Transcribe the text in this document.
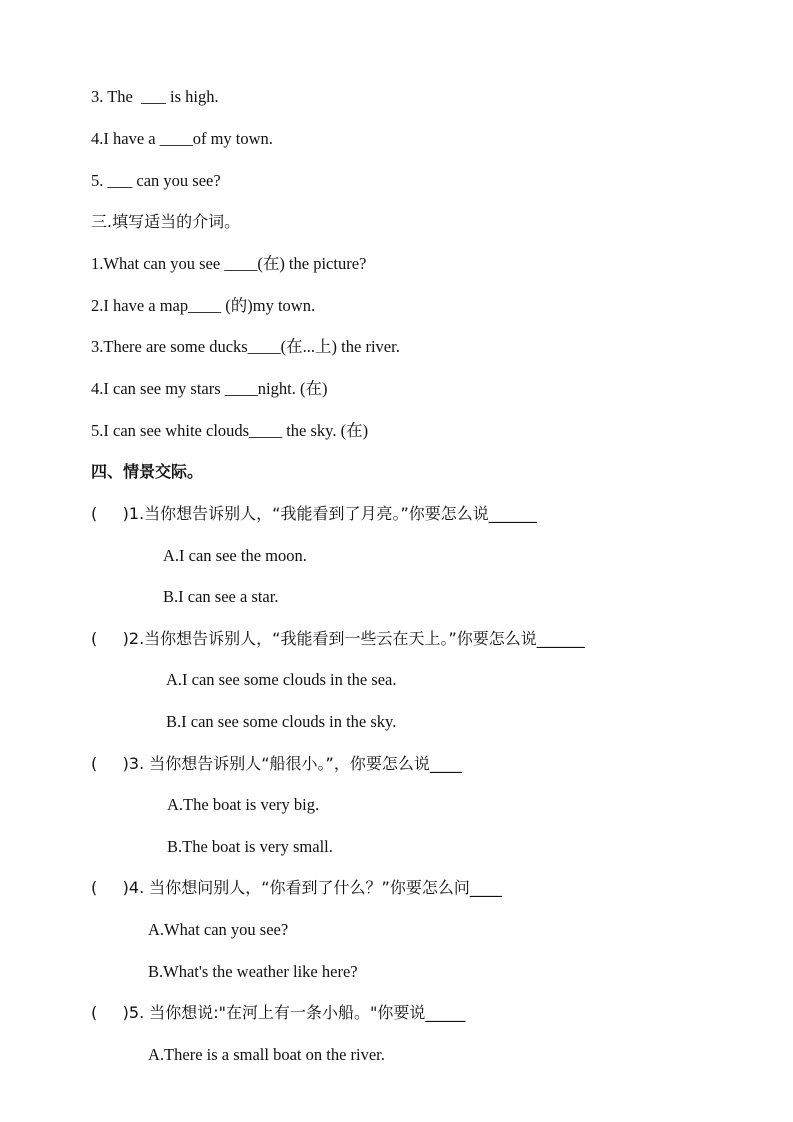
3. The  ___ is high.
4.I have a ____of my town.
5. ___ can you see?
三.填写适当的介词。
1.What can you see ____(在) the picture?
2.I have a map____ (的)my town.
3.There are some ducks____(在...上) the river.
4.I can see my stars ____night. (在)
5.I can see white clouds____ the sky. (在)
四、情景交际。
(     )1.当你想告诉别人，“我能看到了月亮。”你要怎么说______
A.I can see the moon.
B.I can see a star.
(     )2.当你想告诉别人，“我能看到一些云在天上。”你要怎么说______
A.I can see some clouds in the sea.
B.I can see some clouds in the sky.
(     )3. 当你想告诉别人“船很小。”，你要怎么说____
A.The boat is very big.
B.The boat is very small.
(     )4. 当你想问别人，“你看到了什么？”你要怎么问____
A.What can you see?
B.What's the weather like here?
(     )5. 当你想说:"在河上有一条小船。"你要说_____
A.There is a small boat on the river.
